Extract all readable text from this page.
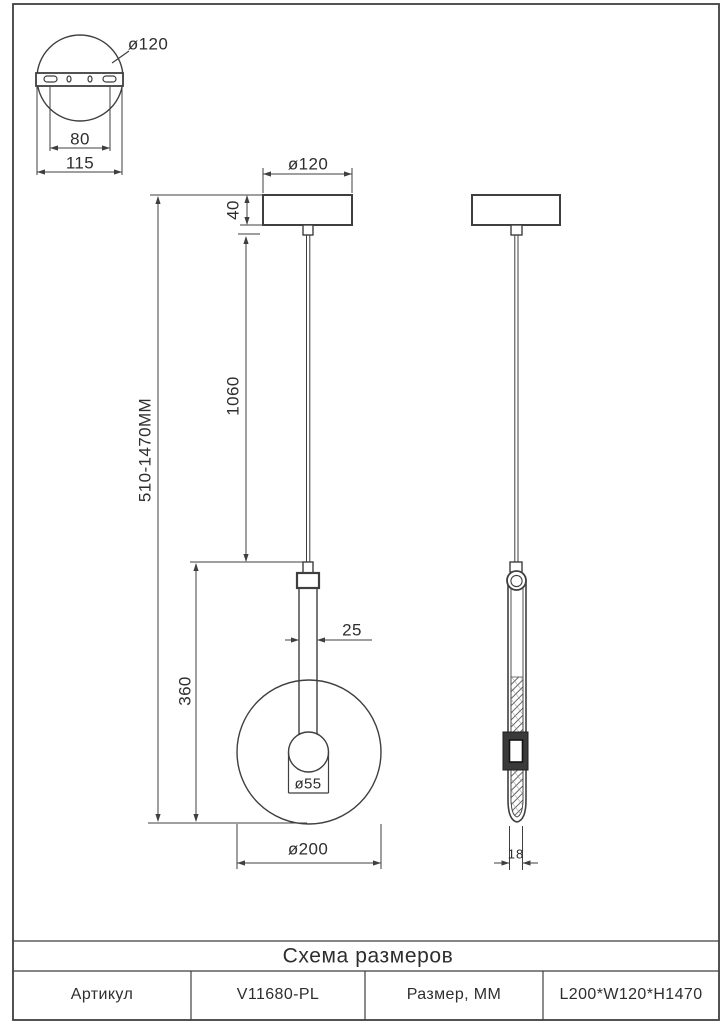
ø120
80
115	ø120
40
1060
510-1470MM
360
25
ø55
ø200	18
Схема размеров
Артикул	V11680-PL	Размер, ММ	L200*W120*H1470
